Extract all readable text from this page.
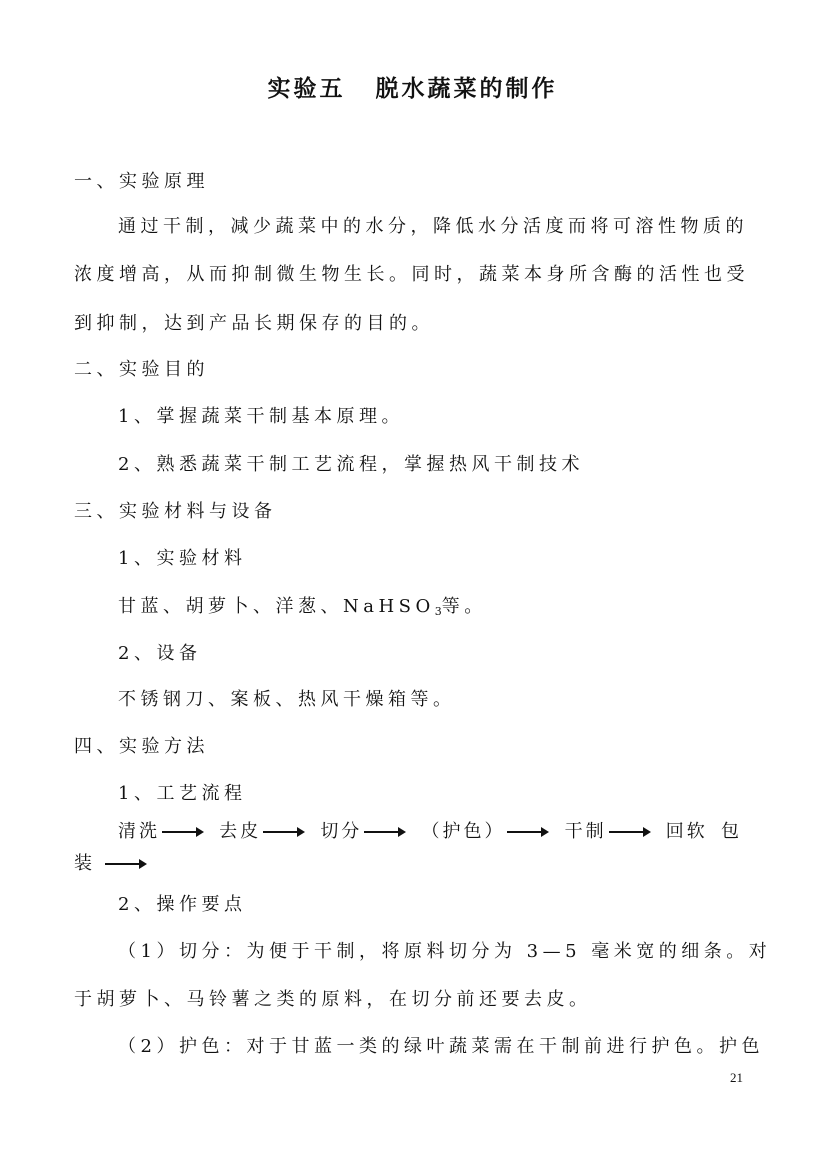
实验五 脱水蔬菜的制作
一、实验原理
通过干制，减少蔬菜中的水分，降低水分活度而将可溶性物质的
浓度增高，从而抑制微生物生长。同时，蔬菜本身所含酶的活性也受
到抑制，达到产品长期保存的目的。
二、实验目的
1、掌握蔬菜干制基本原理。
2、熟悉蔬菜干制工艺流程，掌握热风干制技术
三、实验材料与设备
1、实验材料
甘蓝、胡萝卜、洋葱、NaHSO$_3$等。
2、设备
不锈钢刀、案板、热风干燥箱等。
四、实验方法
1、工艺流程
清洗	去皮	切分	（护色）	干制	回软 包
装
2、操作要点
（1）切分：为便于干制，将原料切分为 3—5 毫米宽的细条。对
于胡萝卜、马铃薯之类的原料，在切分前还要去皮。
（2）护色：对于甘蓝一类的绿叶蔬菜需在干制前进行护色。护色
21
